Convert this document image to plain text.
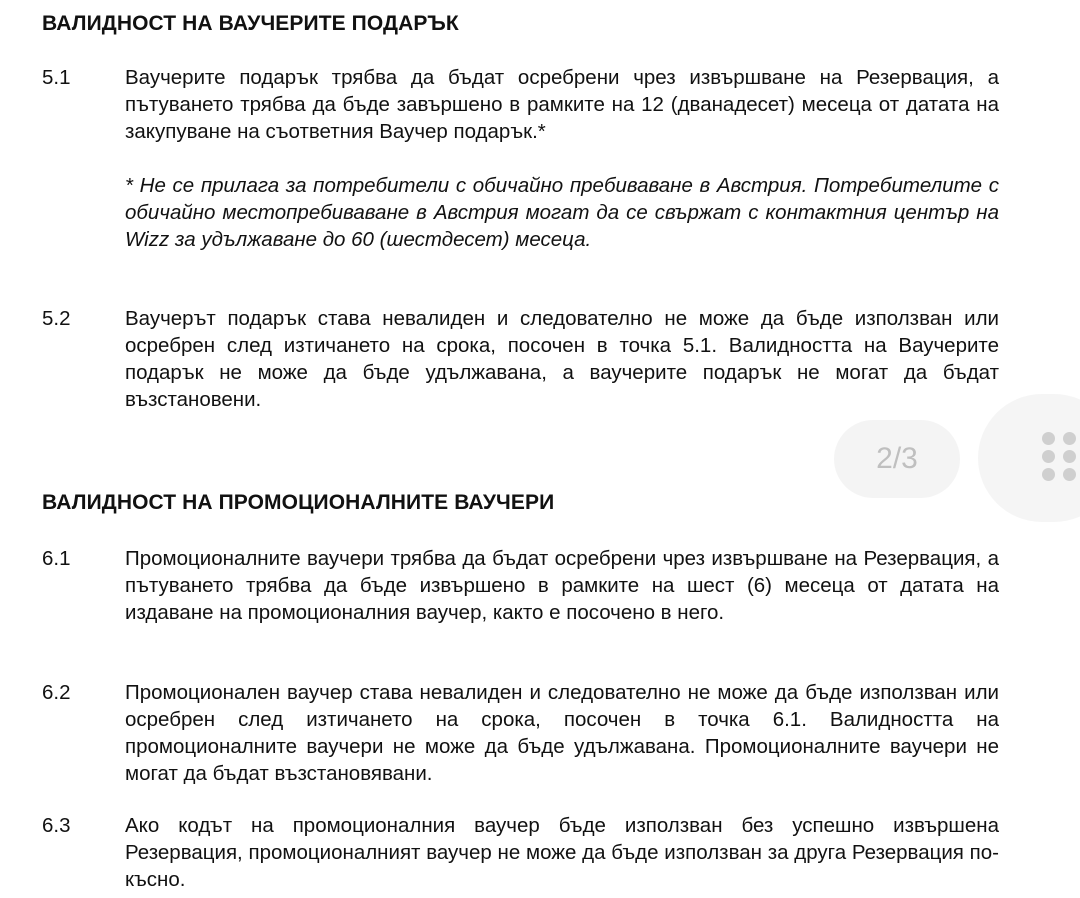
ВАЛИДНОСТ НА ВАУЧЕРИТЕ ПОДАРЪК
5.1	Ваучерите подарък трябва да бъдат осребрени чрез извършване на Резервация, а пътуването трябва да бъде завършено в рамките на 12 (дванадесет) месеца от датата на закупуване на съответния Ваучер подарък.*
* Не се прилага за потребители с обичайно пребиваване в Австрия. Потребителите с обичайно местопребиваване в Австрия могат да се свържат с контактния център на Wizz за удължаване до 60 (шестдесет) месеца.
5.2	Ваучерът подарък става невалиден и следователно не може да бъде използван или осребрен след изтичането на срока, посочен в точка 5.1. Валидността на Ваучерите подарък не може да бъде удължавана, а ваучерите подарък не могат да бъдат възстановени.
2/3
ВАЛИДНОСТ НА ПРОМОЦИОНАЛНИТЕ ВАУЧЕРИ
6.1	Промоционалните ваучери трябва да бъдат осребрени чрез извършване на Резервация, а пътуването трябва да бъде извършено в рамките на шест (6) месеца от датата на издаване на промоционалния ваучер, както е посочено в него.
6.2	Промоционален ваучер става невалиден и следователно не може да бъде използван или осребрен след изтичането на срока, посочен в точка 6.1. Валидността на промоционалните ваучери не може да бъде удължавана. Промоционалните ваучери не могат да бъдат възстановявани.
6.3	Ако кодът на промоционалния ваучер бъде използван без успешно извършена Резервация, промоционалният ваучер не може да бъде използван за друга Резервация по-късно.
